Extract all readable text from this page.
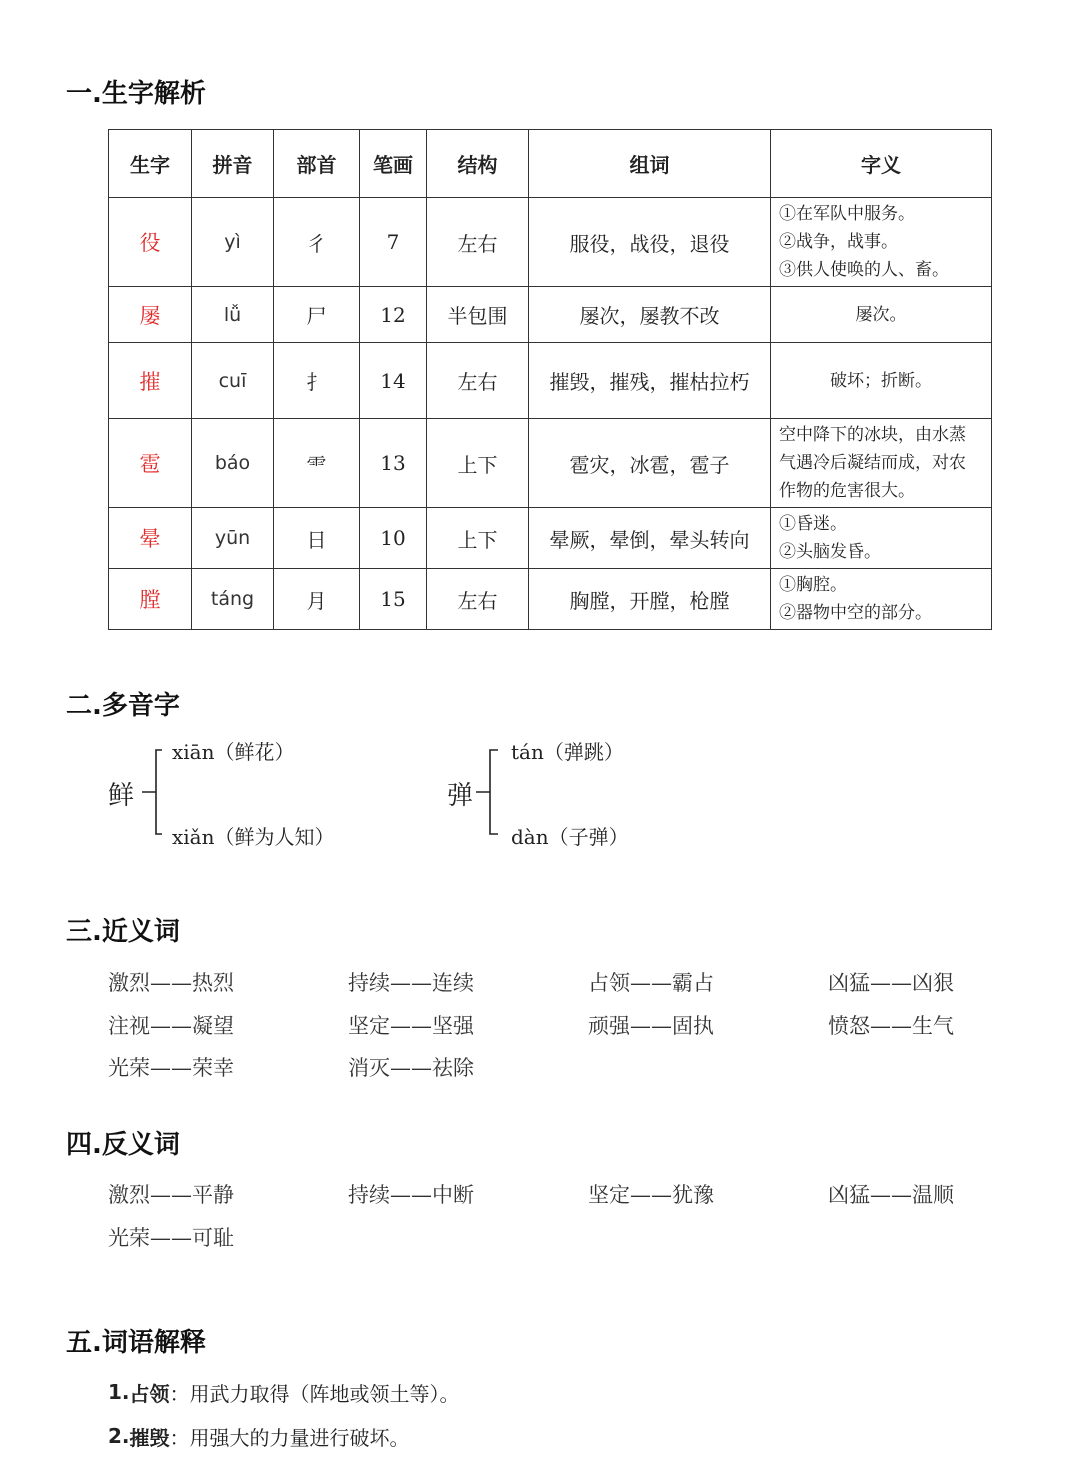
一.生字解析
生字	拼音	部首	笔画	结构	组词	字义
役	yì	彳	7	左右	服役，战役，退役	①在军队中服务。
②战争，战事。
③供人使唤的人、畜。

屡	lǚ	尸	12	半包围	屡次，屡教不改	屡次。

摧	cuī	扌	14	左右	摧毁，摧残，摧枯拉朽	破坏；折断。

雹	báo	⻗	13	上下	雹灾，冰雹，雹子	空中降下的冰块，由水蒸
气遇冷后凝结而成，对农
作物的危害很大。

晕	yūn	日	10	上下	晕厥，晕倒，晕头转向	①昏迷。
②头脑发昏。

膛	táng	月	15	左右	胸膛，开膛，枪膛	①胸腔。
②器物中空的部分。
二.多音字
鲜
xiān（鲜花）
xiǎn（鲜为人知）
弹
tán（弹跳）
dàn（子弹）
三.近义词
激烈——热烈	持续——连续	占领——霸占	凶猛——凶狠
注视——凝望	坚定——坚强	顽强——固执	愤怒——生气
光荣——荣幸	消灭——祛除
四.反义词
激烈——平静	持续——中断	坚定——犹豫	凶猛——温顺
光荣——可耻
五.词语解释
1. 占领 ： 用武力取得（阵地或领土等）。
2. 摧毁 ： 用强大的力量进行破坏。
